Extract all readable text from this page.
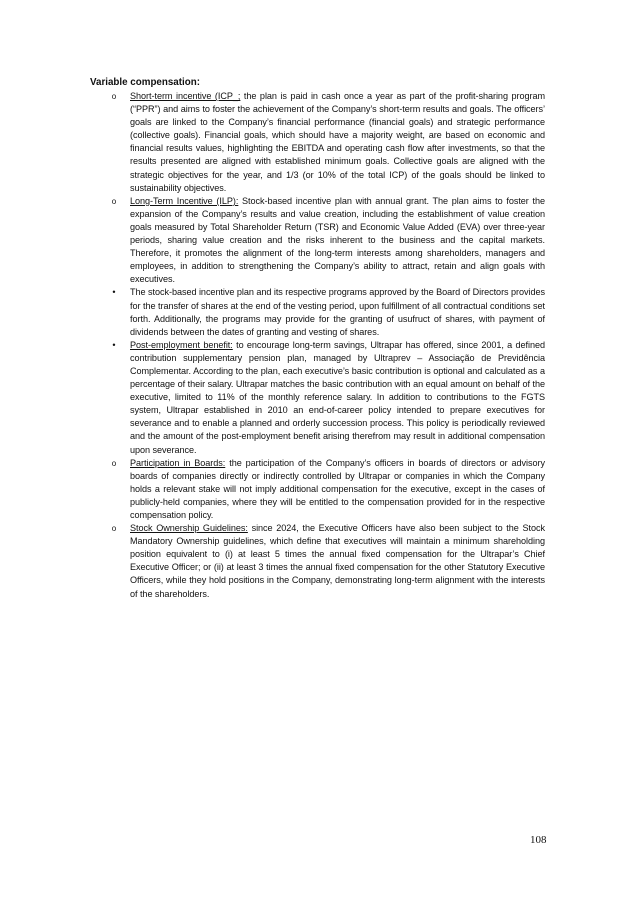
Variable compensation:
o	Short-term incentive (ICP_; the plan is paid in cash once a year as part of the profit-sharing program (“PPR”) and aims to foster the achievement of the Company’s short-term results and goals. The officers’ goals are linked to the Company’s financial performance (financial goals) and strategic performance (collective goals). Financial goals, which should have a majority weight, are based on economic and financial results values, highlighting the EBITDA and operating cash flow after investments, so that the results presented are aligned with established minimum goals. Collective goals are aligned with the strategic objectives for the year, and 1/3 (or 10% of the total ICP) of the goals should be linked to sustainability objectives.
o	Long-Term Incentive (ILP): Stock-based incentive plan with annual grant. The plan aims to foster the expansion of the Company’s results and value creation, including the establishment of value creation goals measured by Total Shareholder Return (TSR) and Economic Value Added (EVA) over three-year periods, sharing value creation and the risks inherent to the business and the capital markets. Therefore, it promotes the alignment of the long-term interests among shareholders, managers and employees, in addition to strengthening the Company’s ability to attract, retain and align goals with executives.
•	The stock-based incentive plan and its respective programs approved by the Board of Directors provides for the transfer of shares at the end of the vesting period, upon fulfillment of all contractual conditions set forth. Additionally, the programs may provide for the granting of usufruct of shares, with payment of dividends between the dates of granting and vesting of shares.
•	Post-employment benefit: to encourage long-term savings, Ultrapar has offered, since 2001, a defined contribution supplementary pension plan, managed by Ultraprev – Associação de Previdência Complementar. According to the plan, each executive’s basic contribution is optional and calculated as a percentage of their salary. Ultrapar matches the basic contribution with an equal amount on behalf of the executive, limited to 11% of the monthly reference salary. In addition to contributions to the FGTS system, Ultrapar established in 2010 an end-of-career policy intended to prepare executives for severance and to enable a planned and orderly succession process. This policy is periodically reviewed and the amount of the post-employment benefit arising therefrom may result in additional compensation upon severance.
o	Participation in Boards: the participation of the Company’s officers in boards of directors or advisory boards of companies directly or indirectly controlled by Ultrapar or companies in which the Company holds a relevant stake will not imply additional compensation for the executive, except in the cases of publicly-held companies, where they will be entitled to the compensation provided for in the respective compensation policy.
o	Stock Ownership Guidelines: since 2024, the Executive Officers have also been subject to the Stock Mandatory Ownership guidelines, which define that executives will maintain a minimum shareholding position equivalent to (i) at least 5 times the annual fixed compensation for the Ultrapar’s Chief Executive Officer; or (ii) at least 3 times the annual fixed compensation for the other Statutory Executive Officers, while they hold positions in the Company, demonstrating long-term alignment with the interests of the shareholders.
108
